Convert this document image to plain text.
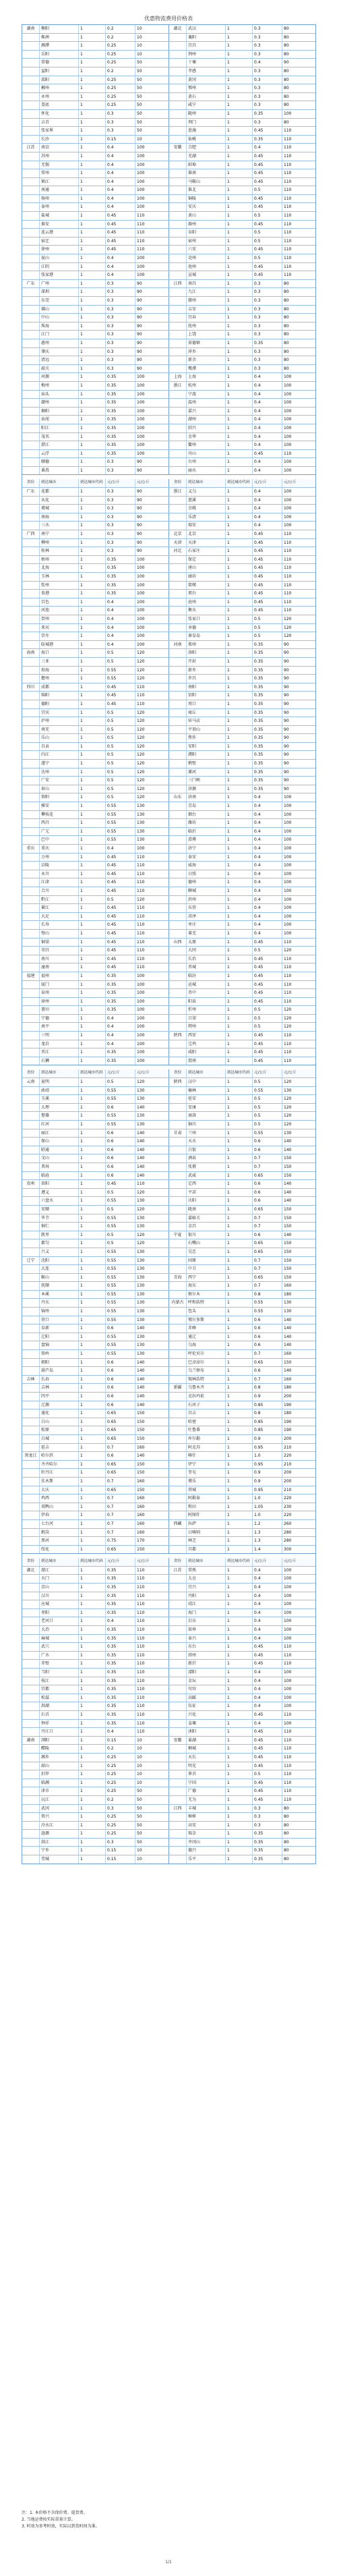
优惠物流费用价格表
湖南	衡阳	1	0.2	10	湖北	武汉	1	0.3	80
株洲	1	0.2	10	襄阳	1	0.3	80
湘潭	1	0.25	10	宜昌	1	0.3	80
岳阳	1	0.25	10	荆州	1	0.3	80
常德	1	0.25	50	十堰	1	0.4	90
益阳	1	0.2	50	孝感	1	0.3	80
邵阳	1	0.25	50	黄冈	1	0.3	80
郴州	1	0.25	50	鄂州	1	0.3	80
永州	1	0.25	50	黄石	1	0.3	80
娄底	1	0.25	50	咸宁	1	0.3	80
怀化	1	0.3	50	随州	1	0.35	100
吉首	1	0.3	50	荆门	1	0.3	80
张家界	1	0.3	50	恩施	1	0.45	110
长沙	1	0.15	10	仙桃	1	0.35	110
江苏	南京	1	0.4	100	安徽	合肥	1	0.4	110
苏州	1	0.4	100	芜湖	1	0.45	110
无锡	1	0.4	100	蚌埠	1	0.45	110
常州	1	0.4	100	淮南	1	0.45	110
镇江	1	0.4	100	马鞍山	1	0.45	110
南通	1	0.4	100	淮北	1	0.5	110
扬州	1	0.4	100	铜陵	1	0.45	110
泰州	1	0.4	100	安庆	1	0.45	110
盐城	1	0.45	110	黄山	1	0.5	110
淮安	1	0.45	110	滁州	1	0.45	110
连云港	1	0.45	110	阜阳	1	0.5	110
宿迁	1	0.45	110	宿州	1	0.5	110
徐州	1	0.45	110	六安	1	0.45	110
昆山	1	0.4	100	亳州	1	0.5	110
江阴	1	0.4	100	池州	1	0.45	110
张家港	1	0.4	100	宣城	1	0.45	110
广东	广州	1	0.3	90	江西	南昌	1	0.3	80
深圳	1	0.3	90	九江	1	0.3	80
东莞	1	0.3	90	赣州	1	0.3	80
佛山	1	0.3	90	吉安	1	0.3	80
中山	1	0.3	90	宜春	1	0.3	80
珠海	1	0.3	90	抚州	1	0.3	80
江门	1	0.3	90	上饶	1	0.3	80
惠州	1	0.3	90	景德镇	1	0.35	80
肇庆	1	0.3	90	萍乡	1	0.3	80
清远	1	0.3	90	新余	1	0.3	80
韶关	1	0.3	90	鹰潭	1	0.3	80
河源	1	0.35	100	上海	上海	1	0.4	100
梅州	1	0.35	100	浙江	杭州	1	0.4	100
汕头	1	0.35	100	宁波	1	0.4	100
潮州	1	0.35	100	温州	1	0.4	100
揭阳	1	0.35	100	嘉兴	1	0.4	100
汕尾	1	0.35	100	湖州	1	0.4	100
阳江	1	0.35	100	绍兴	1	0.4	100
茂名	1	0.35	100	金华	1	0.4	100
湛江	1	0.35	100	衢州	1	0.4	100
云浮	1	0.35	100	舟山	1	0.45	110
顺德	1	0.3	90	台州	1	0.4	100
番禺	1	0.3	90	丽水	1	0.4	100
省份	到达城市	到达城市代码	元/公斤	元/公斤	省份	到达城市	到达城市代码	元/公斤	元/公斤
广东	花都	1	0.3	90	浙江	义乌	1	0.4	100
从化	1	0.3	90	慈溪	1	0.4	100
增城	1	0.3	90	余姚	1	0.4	100
南海	1	0.3	90	乐清	1	0.4	100
三水	1	0.3	90	瑞安	1	0.4	100
广西	南宁	1	0.3	90	北京	北京	1	0.45	110
柳州	1	0.3	90	天津	天津	1	0.45	110
桂林	1	0.3	90	河北	石家庄	1	0.45	110
梧州	1	0.35	100	保定	1	0.45	110
北海	1	0.35	100	唐山	1	0.45	110
玉林	1	0.35	100	廊坊	1	0.45	110
钦州	1	0.35	100	邯郸	1	0.45	110
贵港	1	0.35	100	邢台	1	0.45	110
百色	1	0.4	100	沧州	1	0.45	110
河池	1	0.4	100	衡水	1	0.45	110
贺州	1	0.4	100	张家口	1	0.5	120
来宾	1	0.4	100	承德	1	0.5	120
崇左	1	0.4	100	秦皇岛	1	0.5	120
防城港	1	0.4	100	河南	郑州	1	0.35	90
海南	海口	1	0.5	120	洛阳	1	0.35	90
三亚	1	0.5	120	开封	1	0.35	90
琼海	1	0.55	120	新乡	1	0.35	90
儋州	1	0.55	120	许昌	1	0.35	90
四川	成都	1	0.45	110	南阳	1	0.35	90
绵阳	1	0.45	110	信阳	1	0.35	90
德阳	1	0.45	110	周口	1	0.35	90
宜宾	1	0.5	120	商丘	1	0.35	90
泸州	1	0.5	120	驻马店	1	0.35	90
南充	1	0.5	120	平顶山	1	0.35	90
乐山	1	0.5	120	焦作	1	0.35	90
自贡	1	0.5	120	安阳	1	0.35	90
内江	1	0.5	120	濮阳	1	0.35	90
遂宁	1	0.5	120	鹤壁	1	0.35	90
达州	1	0.5	120	漯河	1	0.35	90
广安	1	0.5	120	三门峡	1	0.35	90
眉山	1	0.5	120	济源	1	0.35	90
资阳	1	0.5	120	山东	济南	1	0.4	100
雅安	1	0.55	130	青岛	1	0.4	100
攀枝花	1	0.55	130	烟台	1	0.4	100
西昌	1	0.55	130	潍坊	1	0.4	100
广元	1	0.55	130	临沂	1	0.4	100
巴中	1	0.55	130	淄博	1	0.4	100
重庆	重庆	1	0.4	100	济宁	1	0.4	100
万州	1	0.45	110	泰安	1	0.4	100
涪陵	1	0.45	110	威海	1	0.4	100
永川	1	0.45	110	日照	1	0.4	100
江津	1	0.45	110	德州	1	0.4	100
合川	1	0.45	110	聊城	1	0.4	100
黔江	1	0.5	120	滨州	1	0.4	100
綦江	1	0.45	110	东营	1	0.4	100
大足	1	0.45	110	菏泽	1	0.4	100
长寿	1	0.45	110	枣庄	1	0.4	100
璧山	1	0.45	110	莱芜	1	0.4	100
铜梁	1	0.45	110	山西	太原	1	0.45	110
荣昌	1	0.45	110	大同	1	0.5	120
南川	1	0.45	110	长治	1	0.45	110
潼南	1	0.45	110	晋城	1	0.45	110
福建	福州	1	0.35	100	临汾	1	0.45	110
厦门	1	0.35	100	运城	1	0.45	110
泉州	1	0.35	100	晋中	1	0.45	110
漳州	1	0.35	100	阳泉	1	0.45	110
莆田	1	0.35	100	忻州	1	0.5	120
宁德	1	0.4	100	吕梁	1	0.5	120
南平	1	0.4	100	朔州	1	0.5	120
三明	1	0.4	100	陕西	西安	1	0.45	110
龙岩	1	0.4	100	宝鸡	1	0.45	110
晋江	1	0.35	100	咸阳	1	0.45	110
石狮	1	0.35	100	渭南	1	0.45	110
省份	到达城市	到达城市代码	元/公斤	元/公斤	省份	到达城市	到达城市代码	元/公斤	元/公斤
云南	昆明	1	0.5	120	陕西	汉中	1	0.5	120
曲靖	1	0.55	130	榆林	1	0.55	130
玉溪	1	0.55	130	延安	1	0.5	120
大理	1	0.6	140	安康	1	0.5	120
楚雄	1	0.55	130	商洛	1	0.5	120
红河	1	0.55	130	铜川	1	0.5	120
丽江	1	0.6	140	甘肃	兰州	1	0.55	130
保山	1	0.6	140	天水	1	0.6	140
昭通	1	0.6	140	白银	1	0.6	140
文山	1	0.6	140	酒泉	1	0.7	150
普洱	1	0.6	140	张掖	1	0.7	150
临沧	1	0.6	140	武威	1	0.65	150
贵州	贵阳	1	0.45	110	定西	1	0.6	140
遵义	1	0.5	120	平凉	1	0.6	140
六盘水	1	0.55	130	庆阳	1	0.6	140
安顺	1	0.5	120	陇南	1	0.65	150
毕节	1	0.55	130	嘉峪关	1	0.7	150
铜仁	1	0.55	130	金昌	1	0.7	150
凯里	1	0.5	120	宁夏	银川	1	0.6	140
都匀	1	0.5	120	石嘴山	1	0.65	150
兴义	1	0.55	130	吴忠	1	0.65	150
辽宁	沈阳	1	0.55	130	固原	1	0.7	150
大连	1	0.55	130	中卫	1	0.7	150
鞍山	1	0.55	130	青海	西宁	1	0.65	150
抚顺	1	0.55	130	海东	1	0.7	160
本溪	1	0.55	130	格尔木	1	0.8	180
丹东	1	0.55	130	内蒙古	呼和浩特	1	0.55	130
锦州	1	0.55	130	包头	1	0.55	130
营口	1	0.55	130	鄂尔多斯	1	0.6	140
阜新	1	0.6	140	赤峰	1	0.6	140
辽阳	1	0.55	130	通辽	1	0.6	140
盘锦	1	0.55	130	乌海	1	0.6	140
铁岭	1	0.55	130	呼伦贝尔	1	0.7	160
朝阳	1	0.6	140	巴彦淖尔	1	0.65	150
葫芦岛	1	0.6	140	乌兰察布	1	0.6	140
吉林	长春	1	0.6	140	锡林浩特	1	0.7	160
吉林	1	0.6	140	新疆	乌鲁木齐	1	0.8	180
四平	1	0.6	140	克拉玛依	1	0.9	200
辽源	1	0.6	140	石河子	1	0.85	190
通化	1	0.65	150	昌吉	1	0.8	180
白山	1	0.65	150	哈密	1	0.85	190
松原	1	0.65	150	吐鲁番	1	0.85	190
白城	1	0.65	150	库尔勒	1	0.9	200
延吉	1	0.7	160	阿克苏	1	0.95	210
黑龙江	哈尔滨	1	0.6	140	喀什	1	1.0	220
齐齐哈尔	1	0.65	150	伊宁	1	0.95	210
牡丹江	1	0.65	150	奎屯	1	0.9	200
佳木斯	1	0.7	160	博乐	1	0.9	200
大庆	1	0.65	150	塔城	1	0.95	210
鸡西	1	0.7	160	阿勒泰	1	1.0	220
双鸭山	1	0.7	160	和田	1	1.05	230
伊春	1	0.7	160	阿图什	1	1.0	220
七台河	1	0.7	160	西藏	拉萨	1	1.2	260
鹤岗	1	0.7	160	日喀则	1	1.3	280
黑河	1	0.75	170	林芝	1	1.3	280
绥化	1	0.65	150	昌都	1	1.4	300
省份	到达城市	到达城市代码	元/公斤	元/公斤	省份	到达城市	到达城市代码	元/公斤	元/公斤
湖北	潜江	1	0.35	110	江苏	常熟	1	0.4	100
天门	1	0.35	110	太仓	1	0.4	100
京山	1	0.35	110	宜兴	1	0.4	100
汉川	1	0.35	110	丹阳	1	0.4	100
应城	1	0.35	110	靖江	1	0.4	100
枣阳	1	0.35	110	海门	1	0.4	100
老河口	1	0.4	110	启东	1	0.4	100
大冶	1	0.35	110	如皋	1	0.4	100
麻城	1	0.35	110	泰兴	1	0.4	100
武穴	1	0.35	110	东台	1	0.45	110
广水	1	0.35	110	邳州	1	0.45	110
赤壁	1	0.35	110	新沂	1	0.45	110
当阳	1	0.35	110	溧阳	1	0.4	100
枝江	1	0.35	110	金坛	1	0.4	100
宜都	1	0.35	110	句容	1	0.4	100
松滋	1	0.35	110	高邮	1	0.4	100
洪湖	1	0.35	110	仪征	1	0.4	100
石首	1	0.35	110	兴化	1	0.45	110
钟祥	1	0.35	110	姜堰	1	0.4	100
丹江口	1	0.4	110	沭阳	1	0.45	110
湖南	浏阳	1	0.15	10	安徽	巢湖	1	0.45	110
醴陵	1	0.2	10	桐城	1	0.45	110
湘乡	1	0.25	10	天长	1	0.45	110
韶山	1	0.25	10	明光	1	0.45	110
汨罗	1	0.25	10	界首	1	0.5	110
临湘	1	0.25	10	宁国	1	0.45	110
津市	1	0.25	50	广德	1	0.45	110
沅江	1	0.2	50	无为	1	0.45	110
武冈	1	0.3	50	江西	丰城	1	0.3	80
资兴	1	0.25	50	樟树	1	0.3	80
冷水江	1	0.25	50	高安	1	0.3	80
涟源	1	0.25	50	瑞金	1	0.35	80
洪江	1	0.3	50	井冈山	1	0.35	80
宁乡	1	0.15	10	德兴	1	0.35	80
望城	1	0.15	10	乐平	1	0.35	80
注：1. 本价格不含保价费、提货费。
2. 当地运费按实际重量计算。
3. 时效为参考时效，实际以到货时间为准。
1/1
